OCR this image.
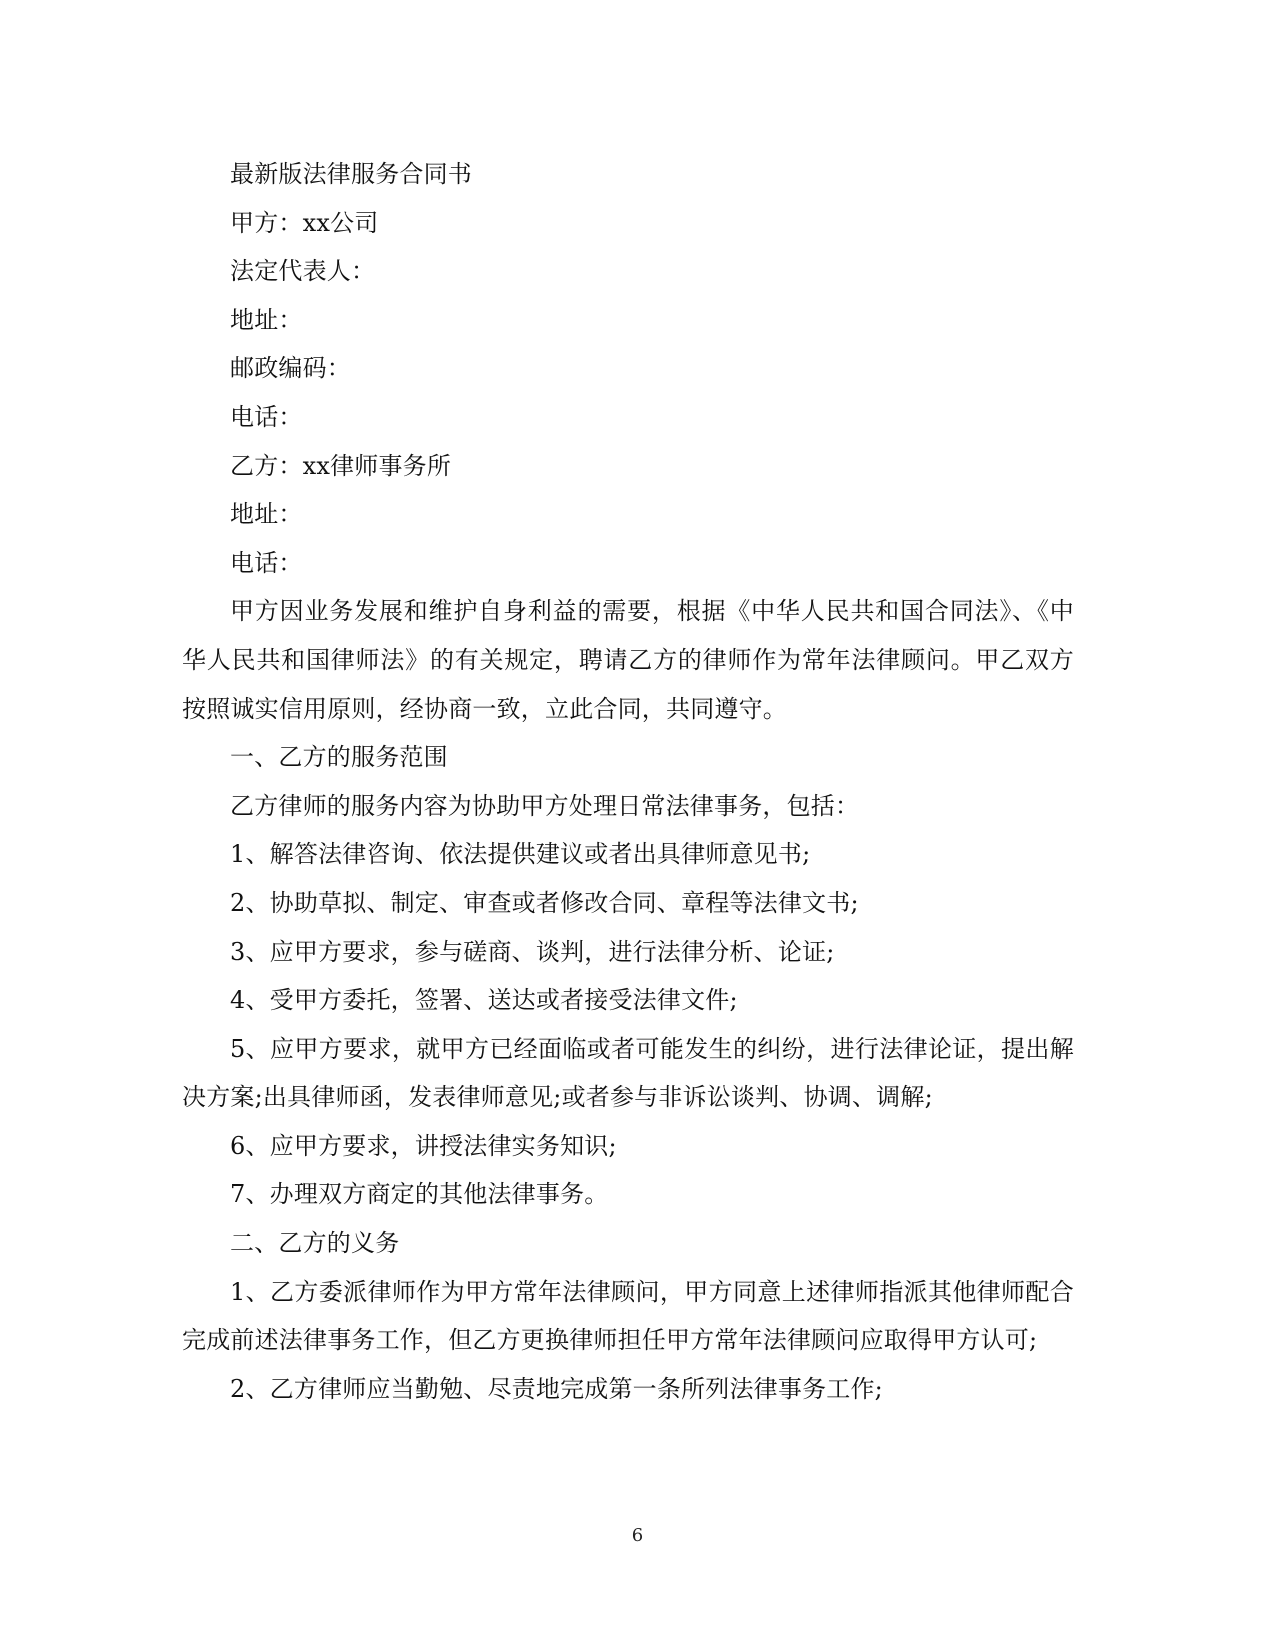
最新版法律服务合同书

甲方：xx公司

法定代表人：

地址：

邮政编码：

电话：

乙方：xx律师事务所

地址：

电话：

甲方因业务发展和维护自身利益的需要，根据《中华人民共和国合同法》、《中华人民共和国律师法》的有关规定，聘请乙方的律师作为常年法律顾问。甲乙双方按照诚实信用原则，经协商一致，立此合同，共同遵守。

一、乙方的服务范围

乙方律师的服务内容为协助甲方处理日常法律事务，包括：

1、解答法律咨询、依法提供建议或者出具律师意见书;

2、协助草拟、制定、审查或者修改合同、章程等法律文书;

3、应甲方要求，参与磋商、谈判，进行法律分析、论证;

4、受甲方委托，签署、送达或者接受法律文件;

5、应甲方要求，就甲方已经面临或者可能发生的纠纷，进行法律论证，提出解决方案;出具律师函，发表律师意见;或者参与非诉讼谈判、协调、调解;

6、应甲方要求，讲授法律实务知识;

7、办理双方商定的其他法律事务。

二、乙方的义务

1、乙方委派律师作为甲方常年法律顾问，甲方同意上述律师指派其他律师配合完成前述法律事务工作，但乙方更换律师担任甲方常年法律顾问应取得甲方认可;

2、乙方律师应当勤勉、尽责地完成第一条所列法律事务工作;

6
